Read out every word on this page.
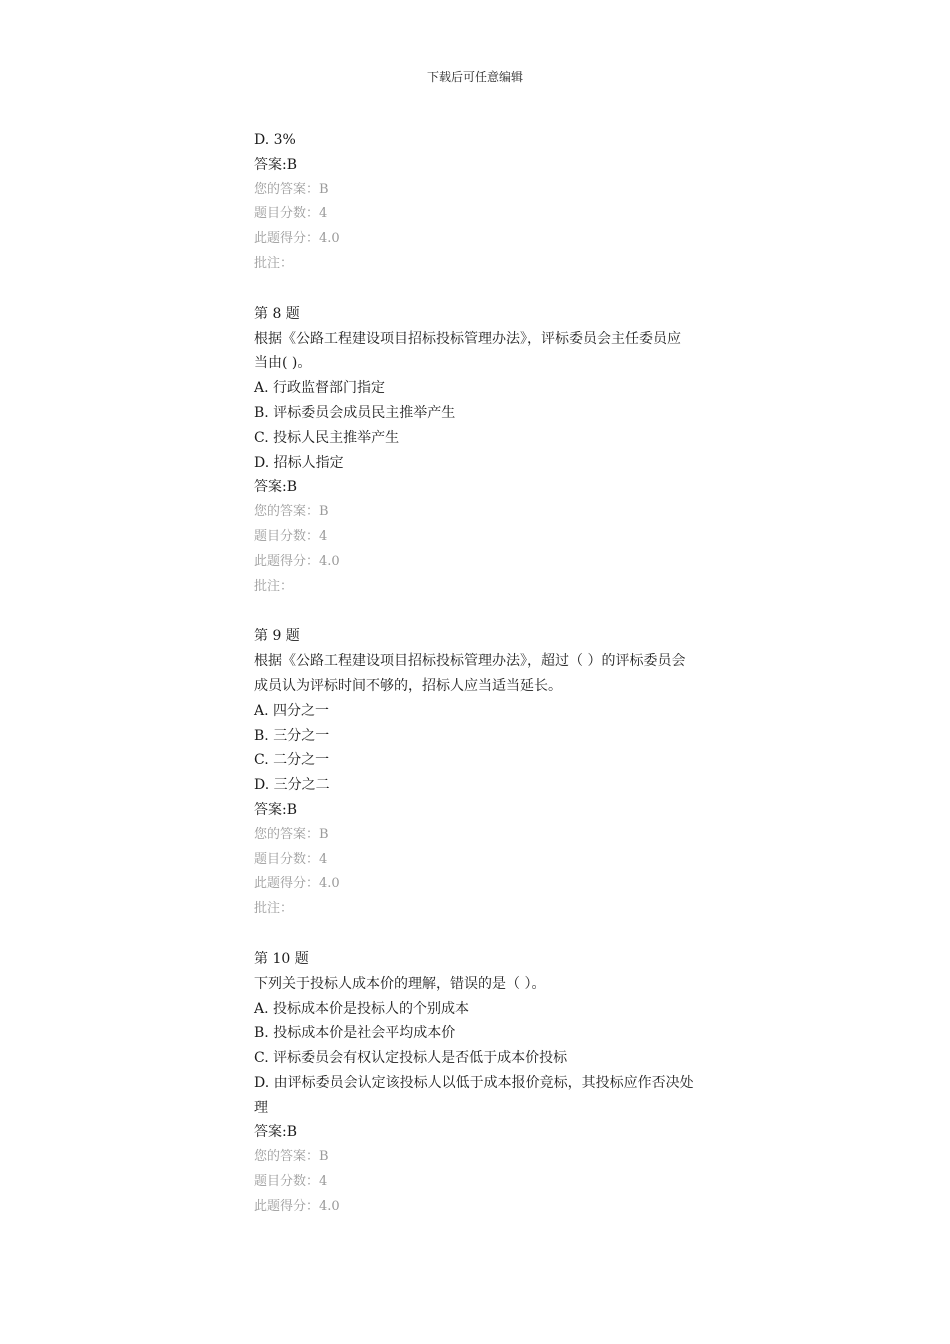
下载后可任意编辑
D. 3%
答案:B
您的答案：B
题目分数：4
此题得分：4.0
批注：
第 8 题
根据《公路工程建设项目招标投标管理办法》，评标委员会主任委员应当由( )。
A. 行政监督部门指定
B. 评标委员会成员民主推举产生
C. 投标人民主推举产生
D. 招标人指定
答案:B
您的答案：B
题目分数：4
此题得分：4.0
批注：
第 9 题
根据《公路工程建设项目招标投标管理办法》，超过（ ）的评标委员会成员认为评标时间不够的，招标人应当适当延长。
A. 四分之一
B. 三分之一
C. 二分之一
D. 三分之二
答案:B
您的答案：B
题目分数：4
此题得分：4.0
批注：
第 10 题
下列关于投标人成本价的理解，错误的是（ ）。
A. 投标成本价是投标人的个别成本
B. 投标成本价是社会平均成本价
C. 评标委员会有权认定投标人是否低于成本价投标
D. 由评标委员会认定该投标人以低于成本报价竞标，其投标应作否决处理
答案:B
您的答案：B
题目分数：4
此题得分：4.0
